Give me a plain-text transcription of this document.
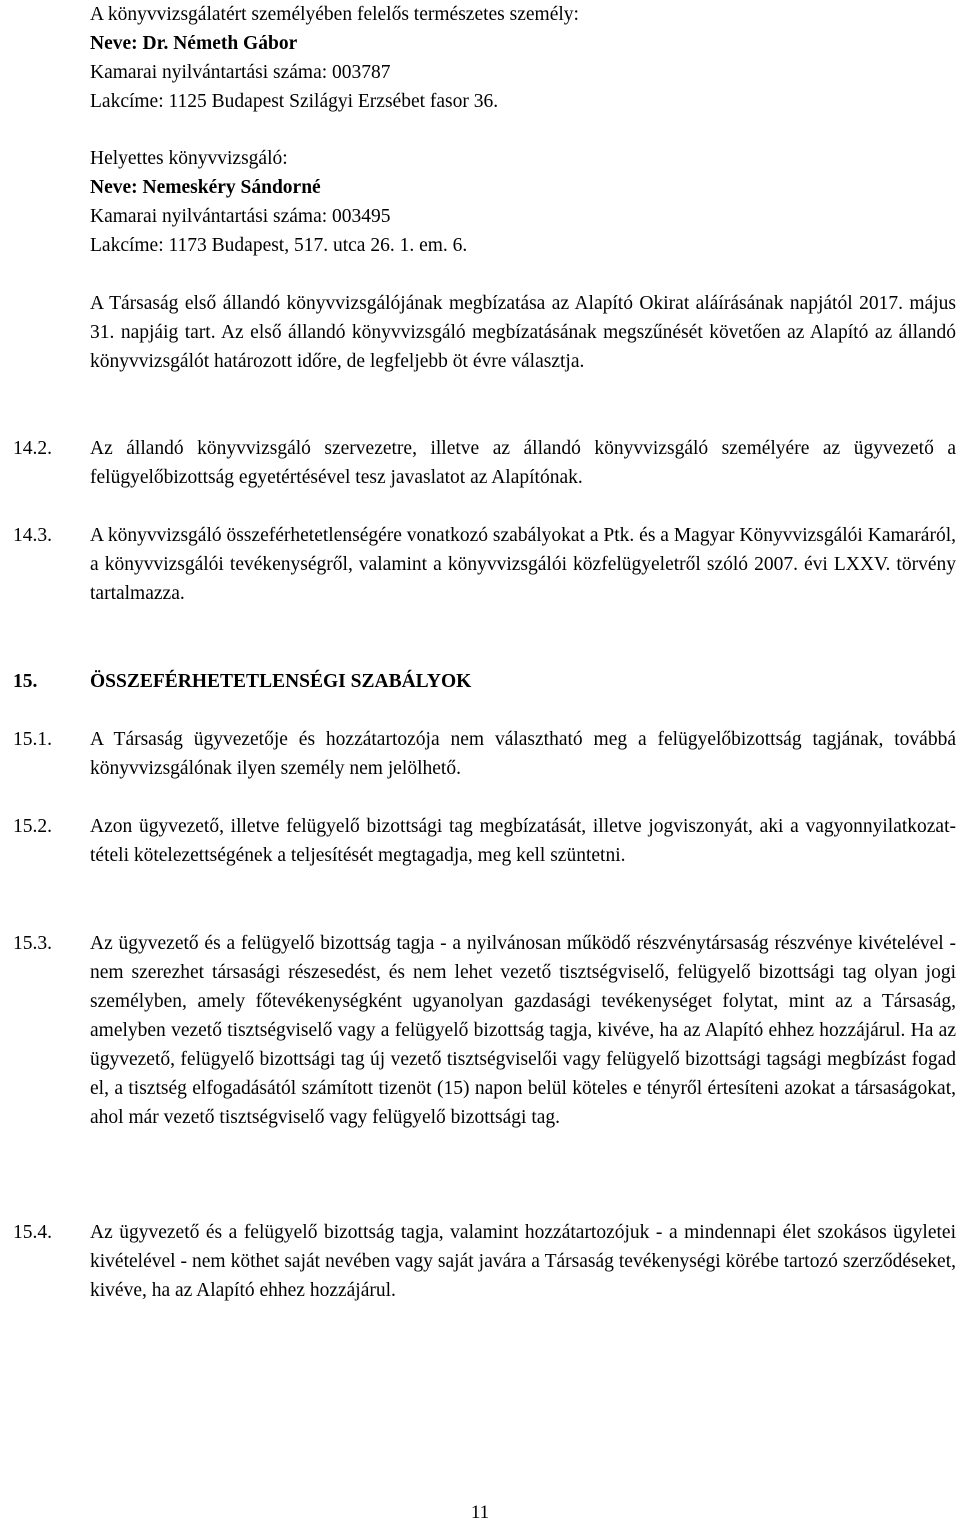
A könyvvizsgálatért személyében felelős természetes személy:
Neve: Dr. Németh Gábor
Kamarai nyilvántartási száma: 003787
Lakcíme: 1125 Budapest Szilágyi Erzsébet fasor 36.
Helyettes könyvvizsgáló:
Neve: Nemeskéry Sándorné
Kamarai nyilvántartási száma: 003495
Lakcíme: 1173 Budapest, 517. utca 26. 1. em. 6.
A Társaság első állandó könyvvizsgálójának megbízatása az Alapító Okirat aláírásának napjától 2017. május 31. napjáig tart. Az első állandó könyvvizsgáló megbízatásának megszűnését követően az Alapító az állandó könyvvizsgálót határozott időre, de legfeljebb öt évre választja.
14.2.	Az állandó könyvvizsgáló szervezetre, illetve az állandó könyvvizsgáló személyére az ügyvezető a felügyelőbizottság egyetértésével tesz javaslatot az Alapítónak.
14.3.	A könyvvizsgáló összeférhetetlenségére vonatkozó szabályokat a Ptk. és a Magyar Könyvvizsgálói Kamaráról, a könyvvizsgálói tevékenységről, valamint a könyvvizsgálói közfelügyeletről szóló 2007. évi LXXV. törvény tartalmazza.
15.	ÖSSZEFÉRHETETLENSÉGI SZABÁLYOK
15.1.	A Társaság ügyvezetője és hozzátartozója nem választható meg a felügyelőbizottság tagjának, továbbá könyvvizsgálónak ilyen személy nem jelölhető.
15.2.	Azon ügyvezető, illetve felügyelő bizottsági tag megbízatását, illetve jogviszonyát, aki a vagyonnyilatkozat-tételi kötelezettségének a teljesítését megtagadja, meg kell szüntetni.
15.3.	Az ügyvezető és a felügyelő bizottság tagja - a nyilvánosan működő részvénytársaság részvénye kivételével - nem szerezhet társasági részesedést, és nem lehet vezető tisztségviselő, felügyelő bizottsági tag olyan jogi személyben, amely főtevékenységként ugyanolyan gazdasági tevékenységet folytat, mint az a Társaság, amelyben vezető tisztségviselő vagy a felügyelő bizottság tagja, kivéve, ha az Alapító ehhez hozzájárul. Ha az ügyvezető, felügyelő bizottsági tag új vezető tisztségviselői vagy felügyelő bizottsági tagsági megbízást fogad el, a tisztség elfogadásától számított tizenöt (15) napon belül köteles e tényről értesíteni azokat a társaságokat, ahol már vezető tisztségviselő vagy felügyelő bizottsági tag.
15.4.	Az ügyvezető és a felügyelő bizottság tagja, valamint hozzátartozójuk - a mindennapi élet szokásos ügyletei kivételével - nem köthet saját nevében vagy saját javára a Társaság tevékenységi körébe tartozó szerződéseket, kivéve, ha az Alapító ehhez hozzájárul.
11
